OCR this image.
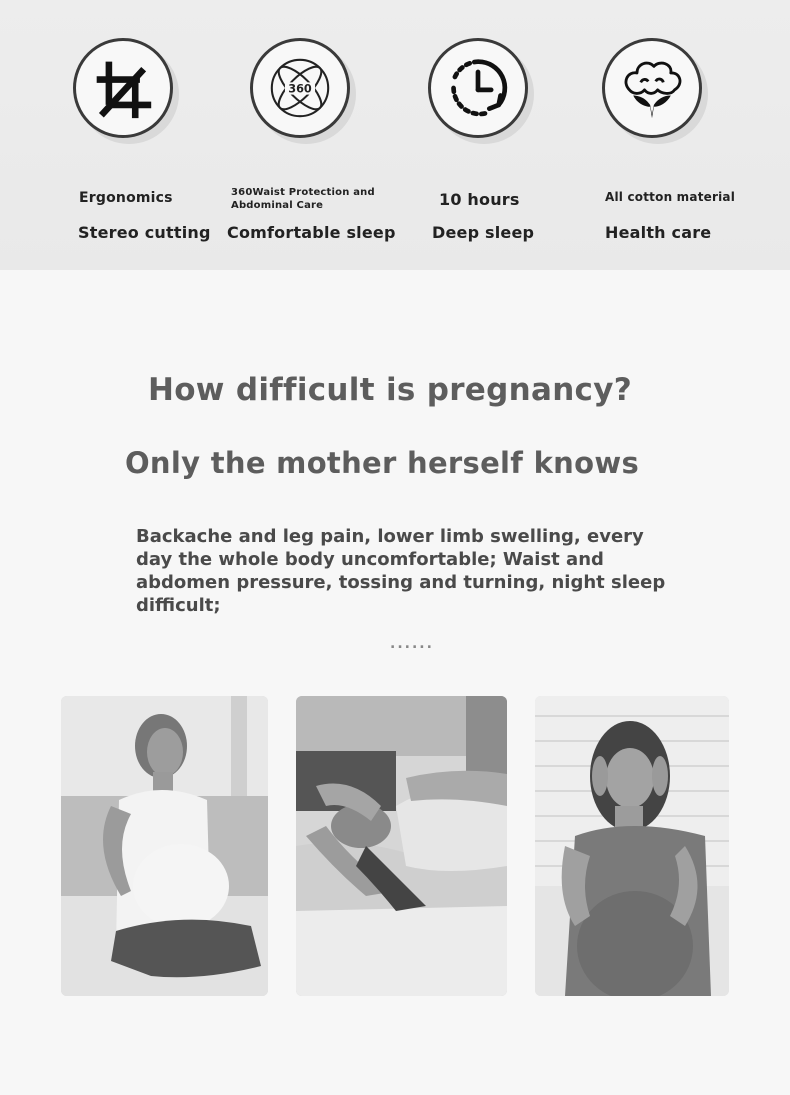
Ergonomics
Stereo cutting
360
360Waist Protection and Abdominal Care
Comfortable sleep
10 hours
Deep sleep
All cotton material
Health care
How difficult is pregnancy?
Only the mother herself knows
Backache and leg pain, lower limb swelling, every day the whole body uncomfortable; Waist and abdomen pressure, tossing and turning, night sleep difficult;
......
